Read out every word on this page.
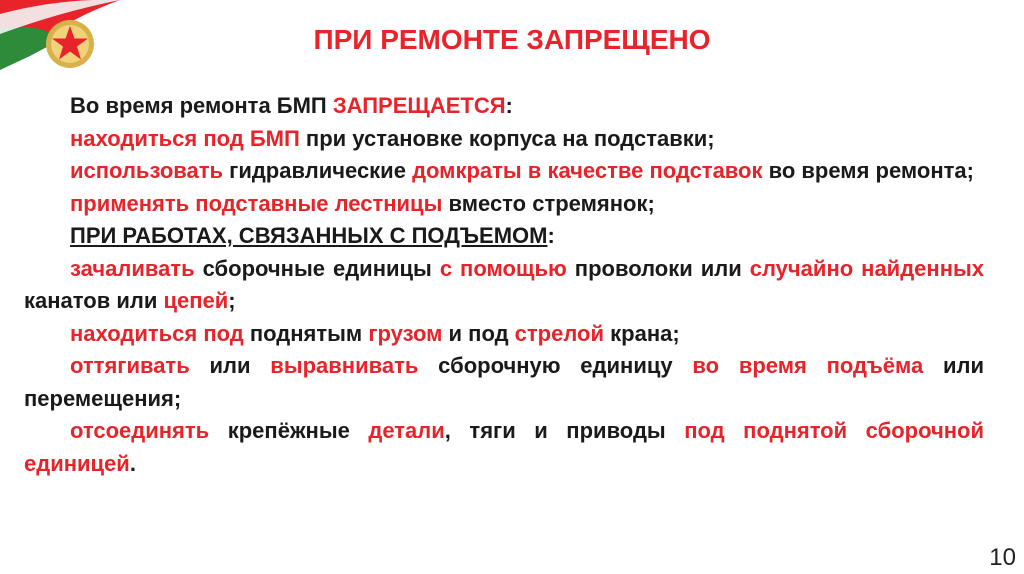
ПРИ РЕМОНТЕ ЗАПРЕЩЕНО
Во время ремонта БМП ЗАПРЕЩАЕТСЯ:
находиться под БМП при установке корпуса на подставки;
использовать гидравлические домкраты в качестве подставок во время ремонта;
применять подставные лестницы вместо стремянок;
ПРИ РАБОТАХ, СВЯЗАННЫХ С ПОДЪЕМОМ:
зачаливать сборочные единицы с помощью проволоки или случайно найденных канатов или цепей;
находиться под поднятым грузом и под стрелой крана;
оттягивать или выравнивать сборочную единицу во время подъёма или перемещения;
отсоединять крепёжные детали, тяги и приводы под поднятой сборочной единицей.
10
